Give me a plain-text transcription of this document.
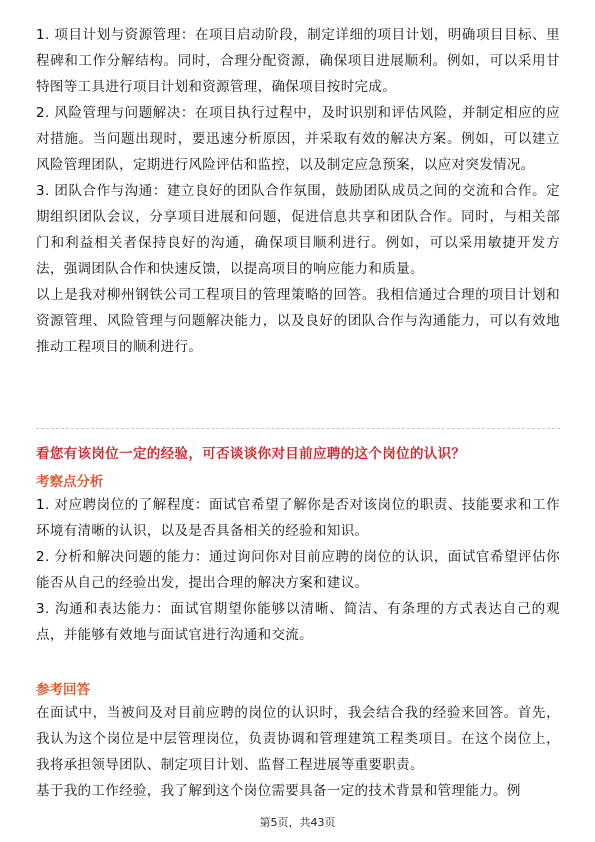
1. 项目计划与资源管理：在项目启动阶段，制定详细的项目计划，明确项目目标、里程碑和工作分解结构。同时，合理分配资源，确保项目进展顺利。例如，可以采用甘特图等工具进行项目计划和资源管理，确保项目按时完成。

2. 风险管理与问题解决：在项目执行过程中，及时识别和评估风险，并制定相应的应对措施。当问题出现时，要迅速分析原因，并采取有效的解决方案。例如，可以建立风险管理团队，定期进行风险评估和监控，以及制定应急预案，以应对突发情况。

3. 团队合作与沟通：建立良好的团队合作氛围，鼓励团队成员之间的交流和合作。定期组织团队会议，分享项目进展和问题，促进信息共享和团队合作。同时，与相关部门和利益相关者保持良好的沟通，确保项目顺利进行。例如，可以采用敏捷开发方法，强调团队合作和快速反馈，以提高项目的响应能力和质量。

以上是我对柳州钢铁公司工程项目的管理策略的回答。我相信通过合理的项目计划和资源管理、风险管理与问题解决能力，以及良好的团队合作与沟通能力，可以有效地推动工程项目的顺利进行。

看您有该岗位一定的经验，可否谈谈你对目前应聘的这个岗位的认识？

考察点分析

1. 对应聘岗位的了解程度：面试官希望了解你是否对该岗位的职责、技能要求和工作环境有清晰的认识，以及是否具备相关的经验和知识。

2. 分析和解决问题的能力：通过询问你对目前应聘的岗位的认识，面试官希望评估你能否从自己的经验出发，提出合理的解决方案和建议。

3. 沟通和表达能力：面试官期望你能够以清晰、简洁、有条理的方式表达自己的观点，并能够有效地与面试官进行沟通和交流。

参考回答

在面试中，当被问及对目前应聘的岗位的认识时，我会结合我的经验来回答。首先，我认为这个岗位是中层管理岗位，负责协调和管理建筑工程类项目。在这个岗位上，我将承担领导团队、制定项目计划、监督工程进展等重要职责。

基于我的工作经验，我了解到这个岗位需要具备一定的技术背景和管理能力。例

第5页，共43页
